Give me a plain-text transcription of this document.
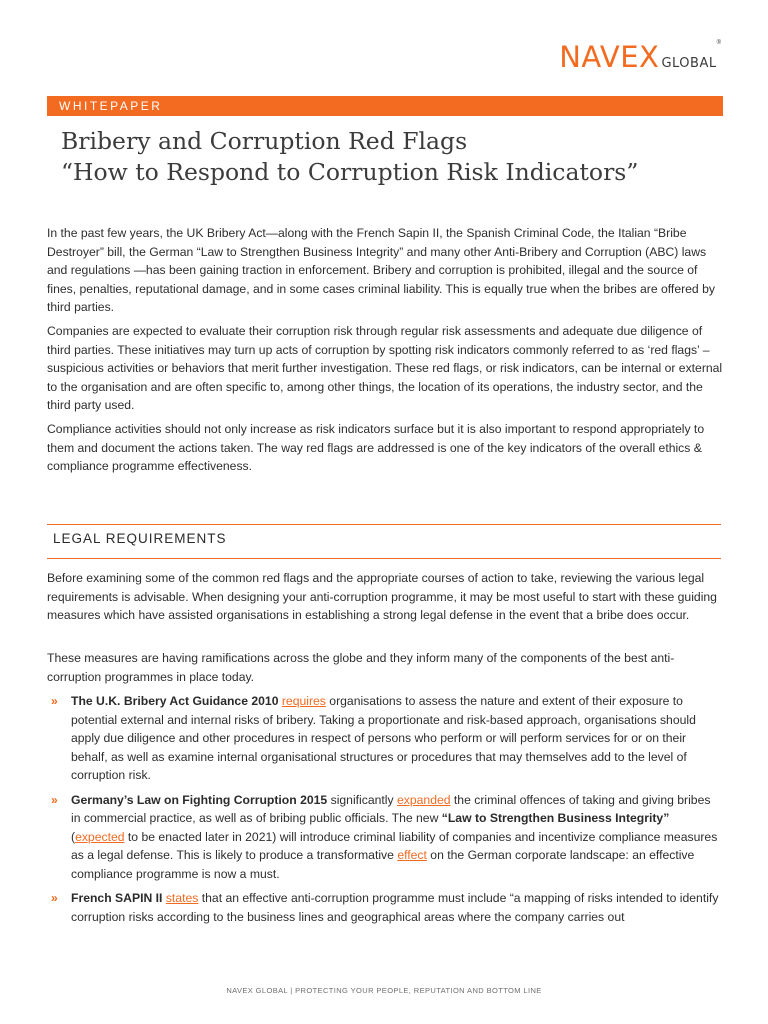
NAVEX GLOBAL®
WHITEPAPER
Bribery and Corruption Red Flags
“How to Respond to Corruption Risk Indicators”

In the past few years, the UK Bribery Act—along with the French Sapin II, the Spanish Criminal Code, the Italian “Bribe Destroyer” bill, the German “Law to Strengthen Business Integrity” and many other Anti-Bribery and Corruption (ABC) laws and regulations —has been gaining traction in enforcement. Bribery and corruption is prohibited, illegal and the source of fines, penalties, reputational damage, and in some cases criminal liability. This is equally true when the bribes are offered by third parties.

Companies are expected to evaluate their corruption risk through regular risk assessments and adequate due diligence of third parties. These initiatives may turn up acts of corruption by spotting risk indicators commonly referred to as ‘red flags’ – suspicious activities or behaviors that merit further investigation. These red flags, or risk indicators, can be internal or external to the organisation and are often specific to, among other things, the location of its operations, the industry sector, and the third party used.

Compliance activities should not only increase as risk indicators surface but it is also important to respond appropriately to them and document the actions taken. The way red flags are addressed is one of the key indicators of the overall ethics & compliance programme effectiveness.

LEGAL REQUIREMENTS

Before examining some of the common red flags and the appropriate courses of action to take, reviewing the various legal requirements is advisable. When designing your anti-corruption programme, it may be most useful to start with these guiding measures which have assisted organisations in establishing a strong legal defense in the event that a bribe does occur.

These measures are having ramifications across the globe and they inform many of the components of the best anti-corruption programmes in place today.

» The U.K. Bribery Act Guidance 2010 requires organisations to assess the nature and extent of their exposure to potential external and internal risks of bribery. Taking a proportionate and risk-based approach, organisations should apply due diligence and other procedures in respect of persons who perform or will perform services for or on their behalf, as well as examine internal organisational structures or procedures that may themselves add to the level of corruption risk.
» Germany’s Law on Fighting Corruption 2015 significantly expanded the criminal offences of taking and giving bribes in commercial practice, as well as of bribing public officials. The new “Law to Strengthen Business Integrity” (expected to be enacted later in 2021) will introduce criminal liability of companies and incentivize compliance measures as a legal defense. This is likely to produce a transformative effect on the German corporate landscape: an effective compliance programme is now a must.
» French SAPIN II states that an effective anti-corruption programme must include “a mapping of risks intended to identify corruption risks according to the business lines and geographical areas where the company carries out
NAVEX GLOBAL | PROTECTING YOUR PEOPLE, REPUTATION AND BOTTOM LINE
